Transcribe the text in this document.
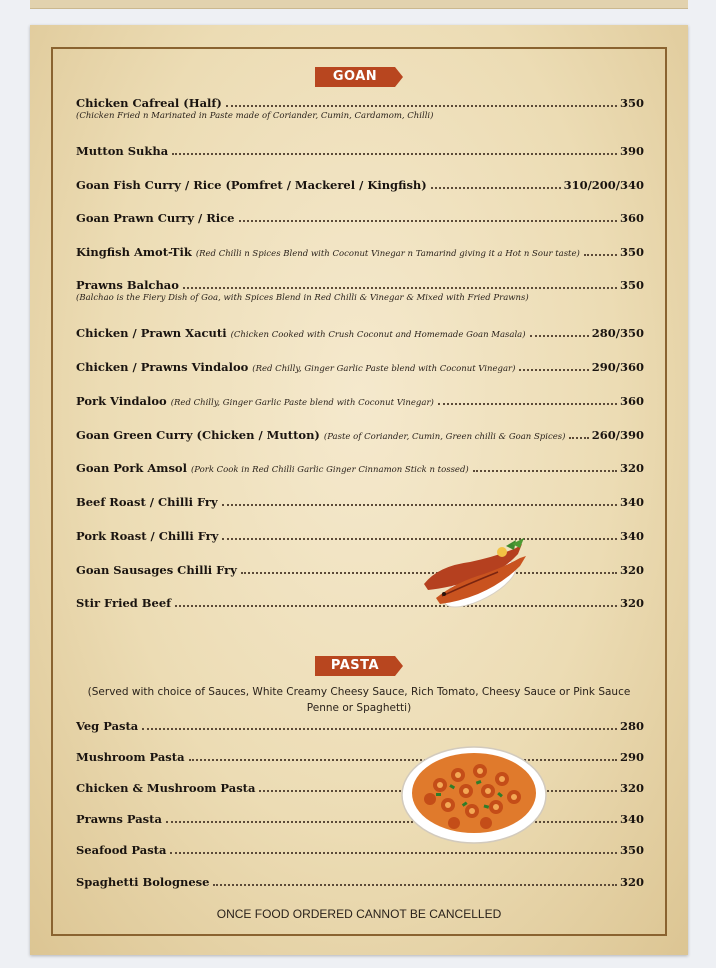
GOAN
Chicken Cafreal (Half)	350
(Chicken Fried n Marinated in Paste made of Coriander, Cumin, Cardamom, Chilli)
Mutton Sukha	390
Goan Fish Curry / Rice (Pomfret / Mackerel / Kingfish)	310/200/340
Goan Prawn Curry / Rice	360
Kingfish Amot-Tik (Red Chilli n Spices Blend with Coconut Vinegar n Tamarind giving it a Hot n Sour taste)	350
Prawns Balchao	350
(Balchao is the Fiery Dish of Goa, with Spices Blend in Red Chilli & Vinegar & Mixed with Fried Prawns)
Chicken / Prawn Xacuti (Chicken Cooked with Crush Coconut and Homemade Goan Masala)	280/350
Chicken / Prawns Vindaloo (Red Chilly, Ginger Garlic Paste blend with Coconut Vinegar)	290/360
Pork Vindaloo (Red Chilly, Ginger Garlic Paste blend with Coconut Vinegar)	360
Goan Green Curry (Chicken / Mutton) (Paste of Coriander, Cumin, Green chilli & Goan Spices) 260/390
Goan Pork Amsol (Pork Cook in Red Chilli Garlic Ginger Cinnamon Stick n tossed)	320
Beef Roast / Chilli Fry	340
Pork Roast / Chilli Fry	340
Goan Sausages Chilli Fry	320
Stir Fried Beef	320
PASTA
(Served with choice of Sauces, White Creamy Cheesy Sauce, Rich Tomato, Cheesy Sauce or Pink Sauce
Penne or Spaghetti)
Veg Pasta	280
Mushroom Pasta	290
Chicken & Mushroom Pasta	320
Prawns Pasta	340
Seafood Pasta	350
Spaghetti Bolognese	320
ONCE FOOD ORDERED CANNOT BE CANCELLED
